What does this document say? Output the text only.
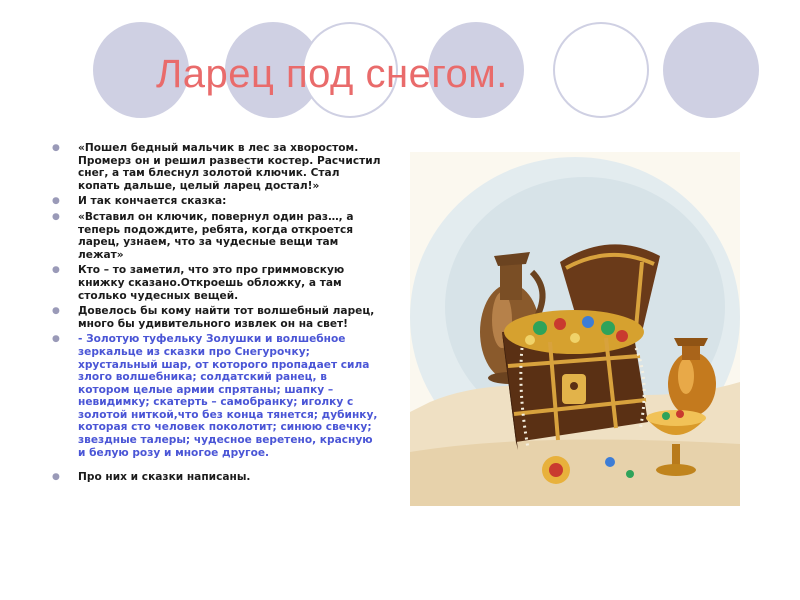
Ларец под снегом.
● «Пошел бедный мальчик в лес за хворостом. Промерз он и решил развести костер. Расчистил снег, а там блеснул золотой ключик. Стал копать дальше, целый ларец достал!»
● И так кончается сказка:
● «Вставил он ключик, повернул один раз…, а теперь подождите, ребята, когда откроется ларец, узнаем, что за чудесные вещи там лежат»
● Кто – то заметил, что это про гриммовскую книжку сказано.Откроешь обложку, а там столько чудесных вещей.
● Довелось бы кому найти тот волшебный ларец, много бы удивительного извлек он на свет!
● - Золотую туфельку Золушки и волшебное зеркальце из сказки про Снегурочку; хрустальный шар, от которого пропадает сила злого волшебника; солдатский ранец, в котором целые армии спрятаны; шапку – невидимку; скатерть – самобранку; иголку с золотой ниткой,что без конца тянется; дубинку, которая сто человек поколотит; синюю свечку; звездные талеры; чудесное веретено, красную и белую розу и многое другое.
● Про них и сказки написаны.
